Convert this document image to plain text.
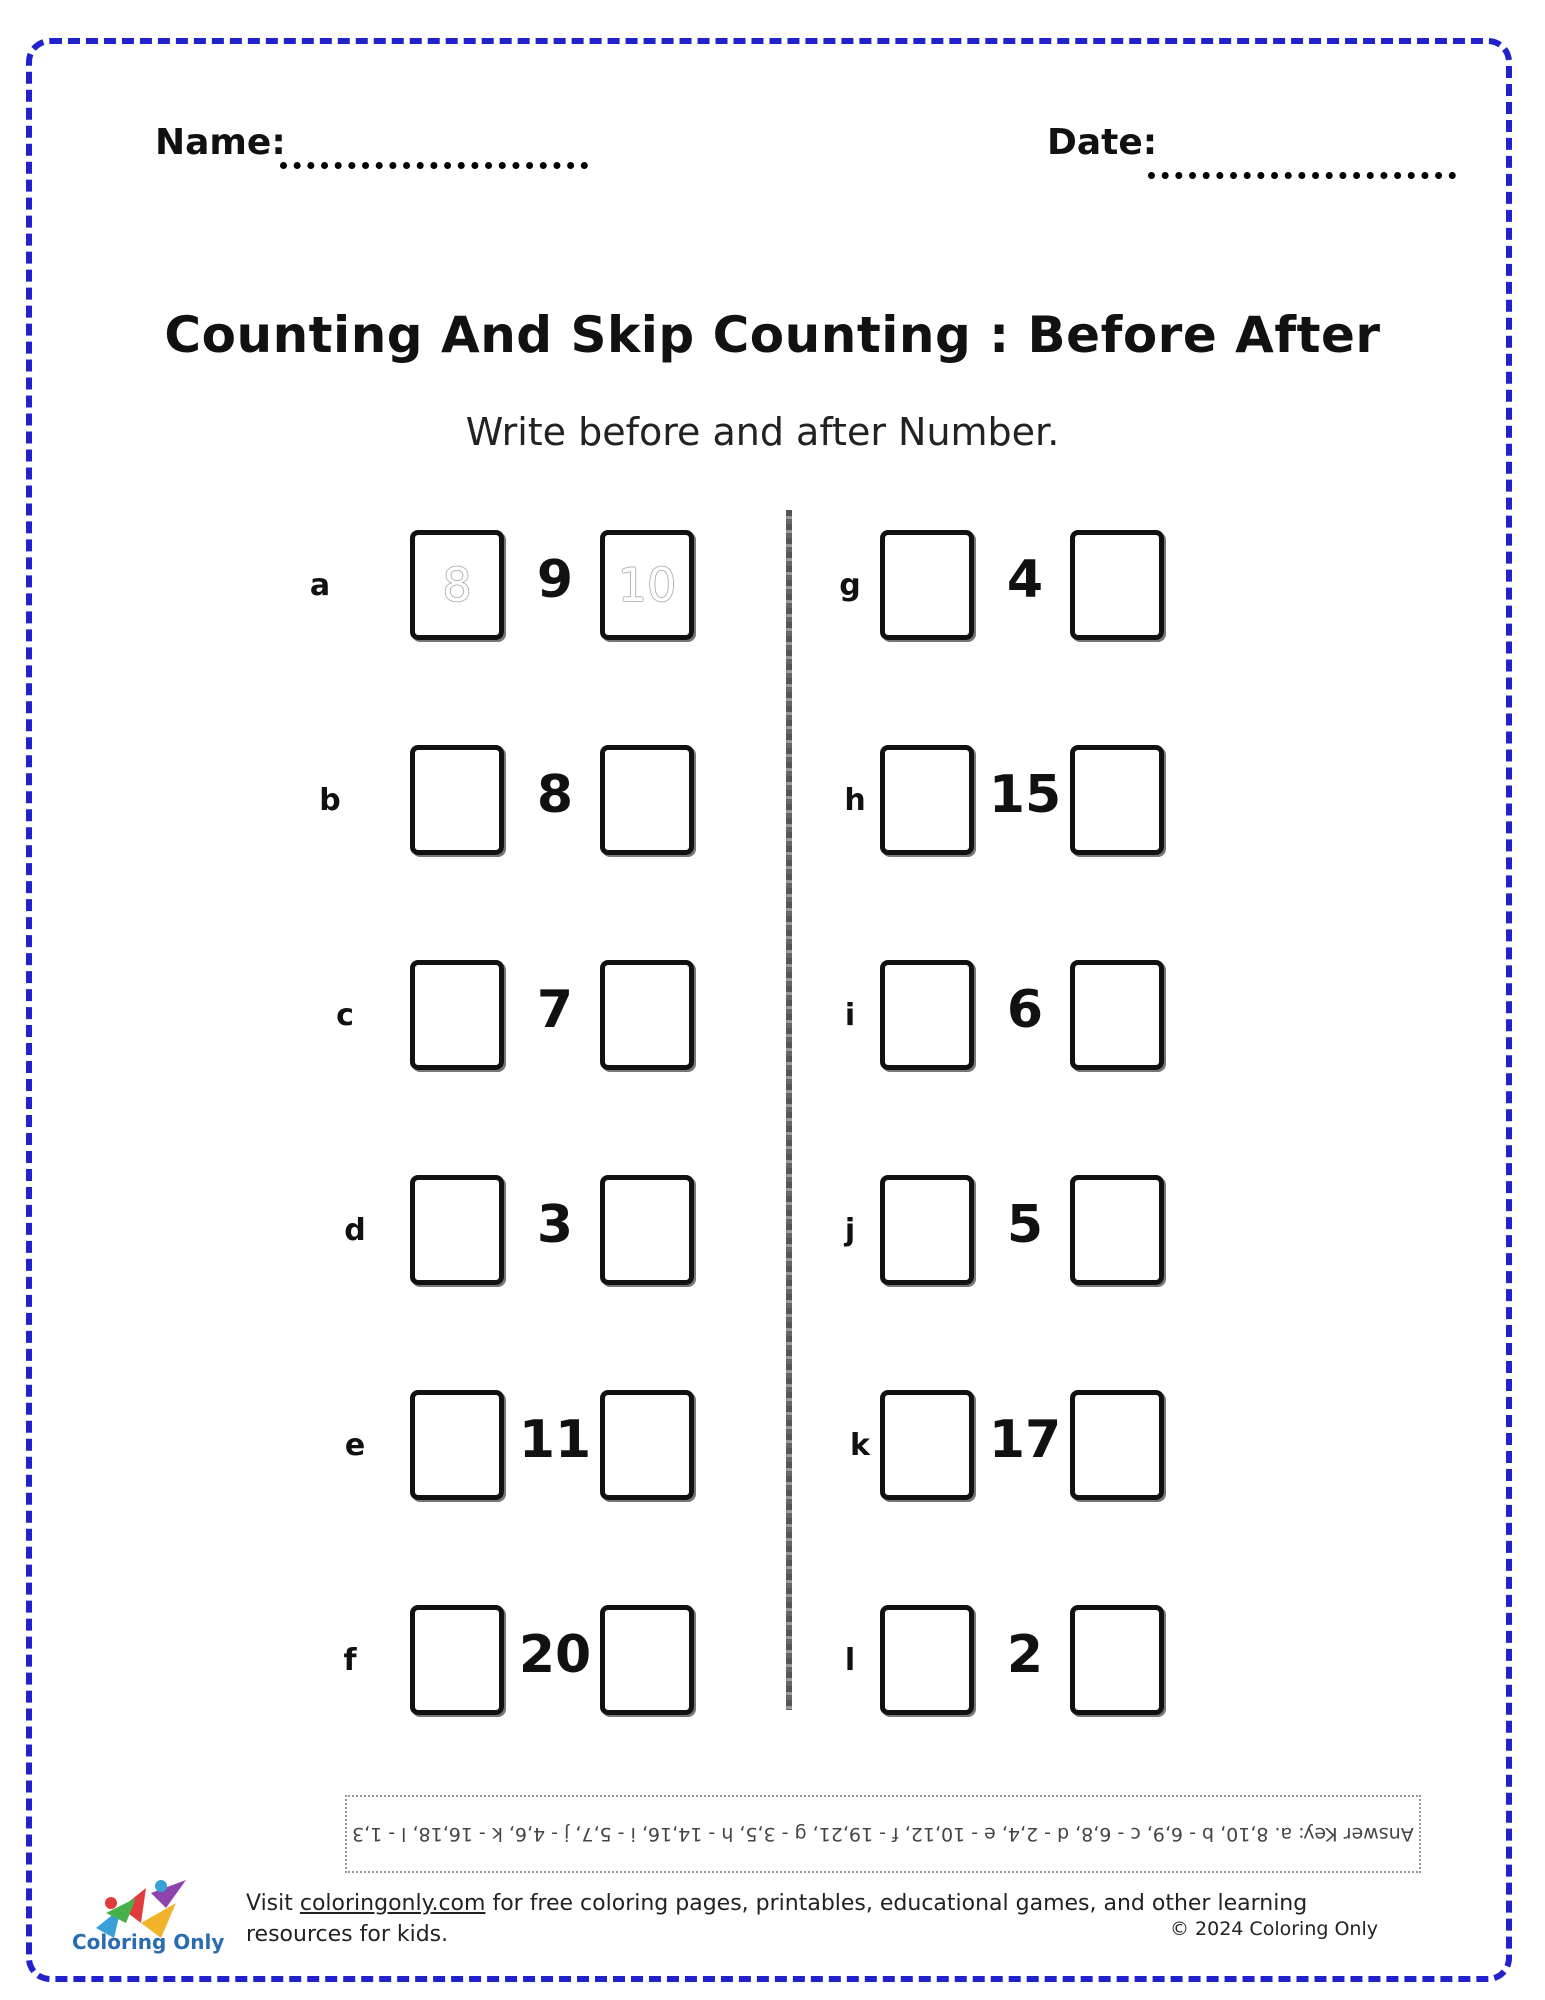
Name:	Date:
Counting And Skip Counting : Before After
Write before and after Number.
a 8	9 10
b	8
c	7
d	3
e	11
f	20
g	4
h 15
i	6
j	5
k 17
l	2
Answer Key: a. 8,10, b - 6,9, c - 6,8, d - 2,4, e - 10,12, f - 19,21, g - 3,5, h - 14,16, i - 5,7, j - 4,6, k - 16,18, l - 1,3
Coloring Only
Visit coloringonly.com for free coloring pages, printables, educational games, and other learning resources for kids.	© 2024 Coloring Only
